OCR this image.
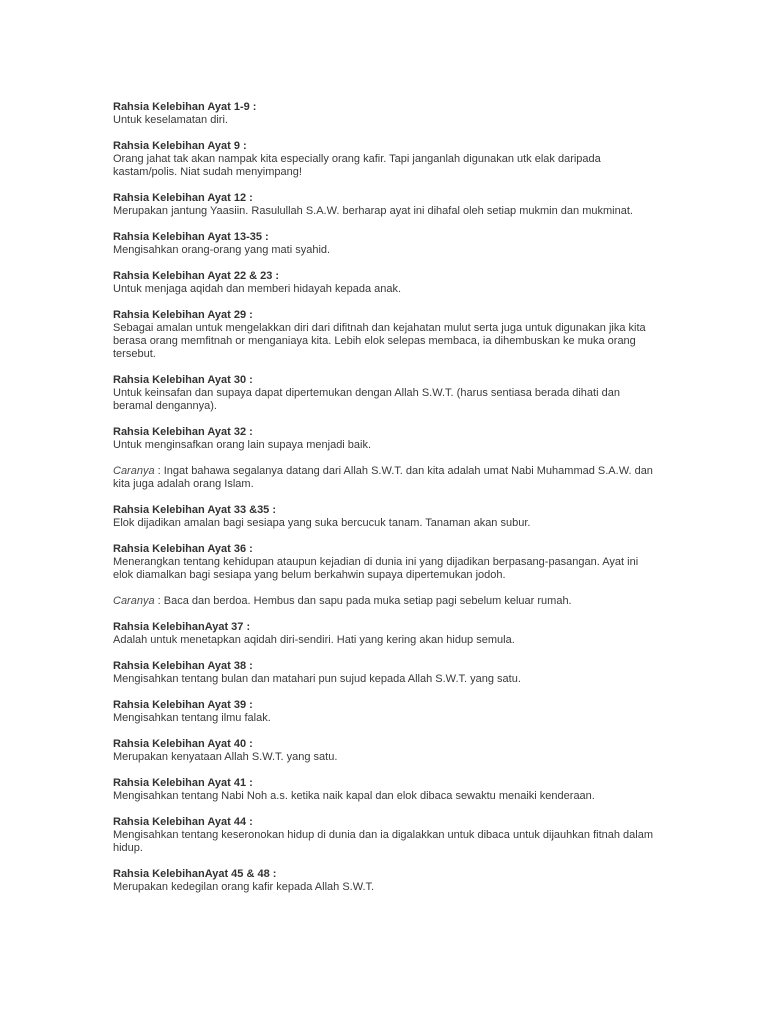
Rahsia Kelebihan Ayat 1-9 :

Untuk keselamatan diri.

Rahsia Kelebihan Ayat 9 :

Orang jahat tak akan nampak kita especially orang kafir. Tapi janganlah digunakan utk elak daripada kastam/polis. Niat sudah menyimpang!

Rahsia Kelebihan Ayat 12 :

Merupakan jantung Yaasiin. Rasulullah S.A.W. berharap ayat ini dihafal oleh setiap mukmin dan mukminat.

Rahsia Kelebihan Ayat 13-35 :

Mengisahkan orang-orang yang mati syahid.

Rahsia Kelebihan Ayat 22 & 23 :

Untuk menjaga aqidah dan memberi hidayah kepada anak.

Rahsia Kelebihan Ayat 29 :

Sebagai amalan untuk mengelakkan diri dari difitnah dan kejahatan mulut serta juga untuk digunakan jika kita berasa orang memfitnah or menganiaya kita. Lebih elok selepas membaca, ia dihembuskan ke muka orang tersebut.

Rahsia Kelebihan Ayat 30 :

Untuk keinsafan dan supaya dapat dipertemukan dengan Allah S.W.T. (harus sentiasa berada dihati dan beramal dengannya).

Rahsia Kelebihan Ayat 32 :

Untuk menginsafkan orang lain supaya menjadi baik.

Caranya : Ingat bahawa segalanya datang dari Allah S.W.T. dan kita adalah umat Nabi Muhammad S.A.W. dan kita juga adalah orang Islam.

Rahsia Kelebihan Ayat 33 &35 :

Elok dijadikan amalan bagi sesiapa yang suka bercucuk tanam. Tanaman akan subur.

Rahsia Kelebihan Ayat 36 :

Menerangkan tentang kehidupan ataupun kejadian di dunia ini yang dijadikan berpasang-pasangan. Ayat ini elok diamalkan bagi sesiapa yang belum berkahwin supaya dipertemukan jodoh.

Caranya : Baca dan berdoa. Hembus dan sapu pada muka setiap pagi sebelum keluar rumah.

Rahsia KelebihanAyat 37 :

Adalah untuk menetapkan aqidah diri-sendiri. Hati yang kering akan hidup semula.

Rahsia Kelebihan Ayat 38 :

Mengisahkan tentang bulan dan matahari pun sujud kepada Allah S.W.T. yang satu.

Rahsia Kelebihan Ayat 39 :

Mengisahkan tentang ilmu falak.

Rahsia Kelebihan Ayat 40 :

Merupakan kenyataan Allah S.W.T. yang satu.

Rahsia Kelebihan Ayat 41 :

Mengisahkan tentang Nabi Noh a.s. ketika naik kapal dan elok dibaca sewaktu menaiki kenderaan.

Rahsia Kelebihan Ayat 44 :

Mengisahkan tentang keseronokan hidup di dunia dan ia digalakkan untuk dibaca untuk dijauhkan fitnah dalam hidup.

Rahsia KelebihanAyat 45 & 48 :

Merupakan kedegilan orang kafir kepada Allah S.W.T.
